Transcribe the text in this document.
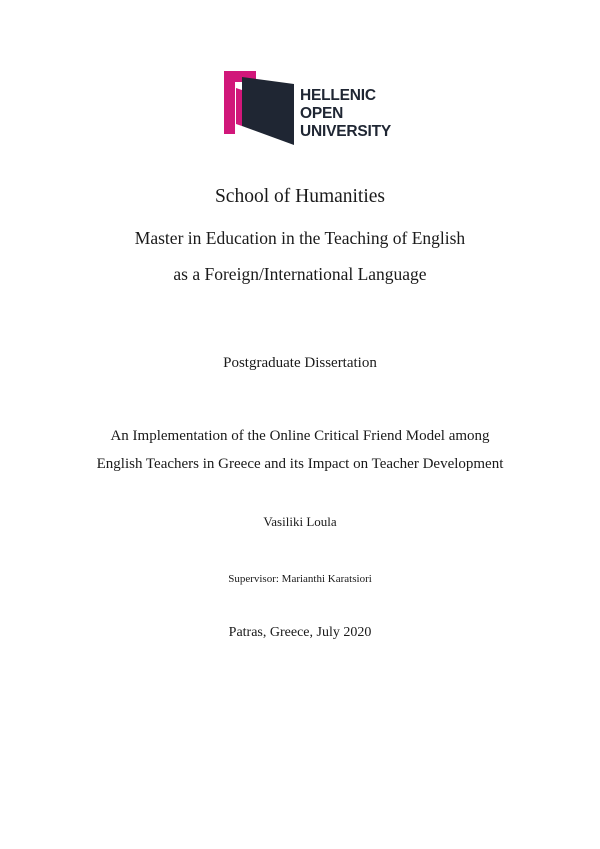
HELLENIC
OPEN
UNIVERSITY
School of Humanities
Master in Education in the Teaching of English
as a Foreign/International Language
Postgraduate Dissertation
An Implementation of the Online Critical Friend Model among
English Teachers in Greece and its Impact on Teacher Development
Vasiliki Loula
Supervisor: Marianthi Karatsiori
Patras, Greece, July 2020
